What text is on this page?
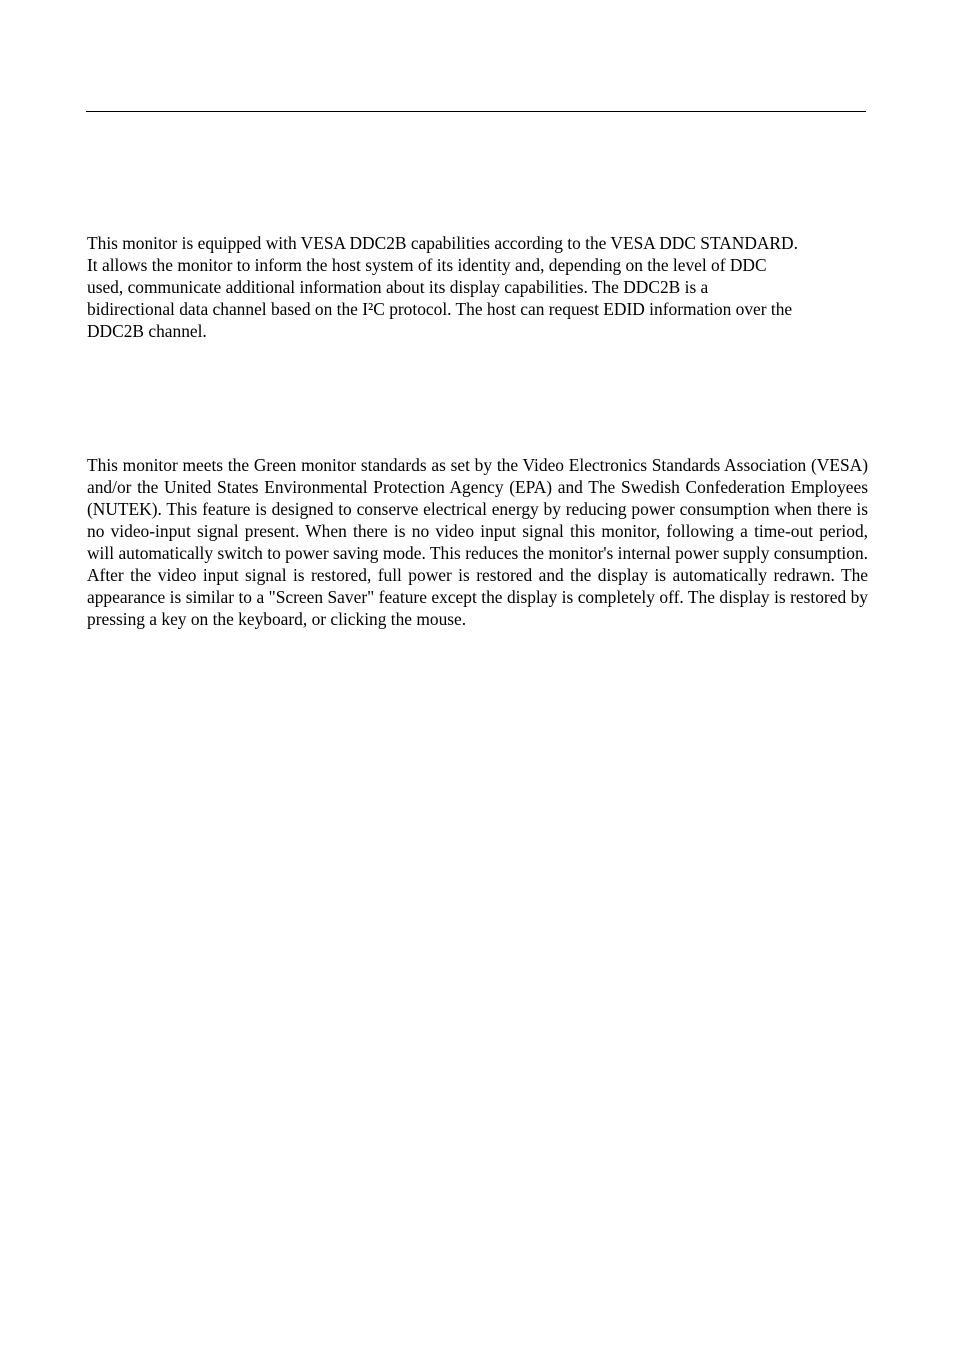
This monitor is equipped with VESA DDC2B capabilities according to the VESA DDC STANDARD.
It allows the monitor to inform the host system of its identity and, depending on the level of DDC
used, communicate additional information about its display capabilities. The DDC2B is a
bidirectional data channel based on the I²C protocol. The host can request EDID information over the
DDC2B channel.

This monitor meets the Green monitor standards as set by the Video Electronics Standards Association (VESA) and/or the United States Environmental Protection Agency (EPA) and The Swedish Confederation Employees (NUTEK). This feature is designed to conserve electrical energy by reducing power consumption when there is no video-input signal present. When there is no video input signal this monitor, following a time-out period, will automatically switch to power saving mode. This reduces the monitor's internal power supply consumption. After the video input signal is restored, full power is restored and the display is automatically redrawn. The appearance is similar to a "Screen Saver" feature except the display is completely off. The display is restored by pressing a key on the keyboard, or clicking the mouse.
